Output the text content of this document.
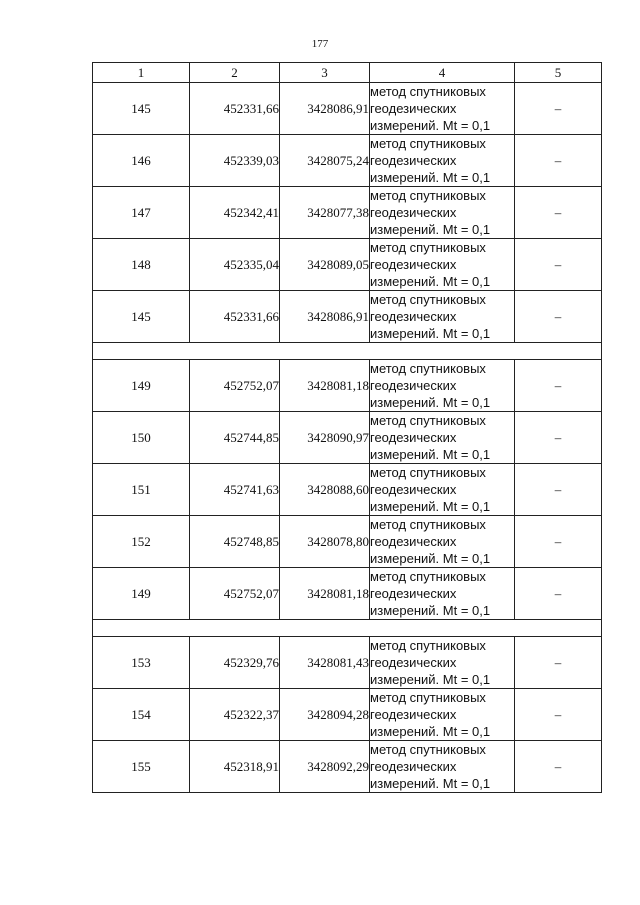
177
1	2	3	4	5
145	452331,66	3428086,91	метод спутниковых
геодезических
измерений. Mt = 0,1	–
146	452339,03	3428075,24	метод спутниковых
геодезических
измерений. Mt = 0,1	–
147	452342,41	3428077,38	метод спутниковых
геодезических
измерений. Mt = 0,1	–
148	452335,04	3428089,05	метод спутниковых
геодезических
измерений. Mt = 0,1	–
145	452331,66	3428086,91	метод спутниковых
геодезических
измерений. Mt = 0,1	–

149	452752,07	3428081,18	метод спутниковых
геодезических
измерений. Mt = 0,1	–
150	452744,85	3428090,97	метод спутниковых
геодезических
измерений. Mt = 0,1	–
151	452741,63	3428088,60	метод спутниковых
геодезических
измерений. Mt = 0,1	–
152	452748,85	3428078,80	метод спутниковых
геодезических
измерений. Mt = 0,1	–
149	452752,07	3428081,18	метод спутниковых
геодезических
измерений. Mt = 0,1	–

153	452329,76	3428081,43	метод спутниковых
геодезических
измерений. Mt = 0,1	–
154	452322,37	3428094,28	метод спутниковых
геодезических
измерений. Mt = 0,1	–
155	452318,91	3428092,29	метод спутниковых
геодезических
измерений. Mt = 0,1	–
